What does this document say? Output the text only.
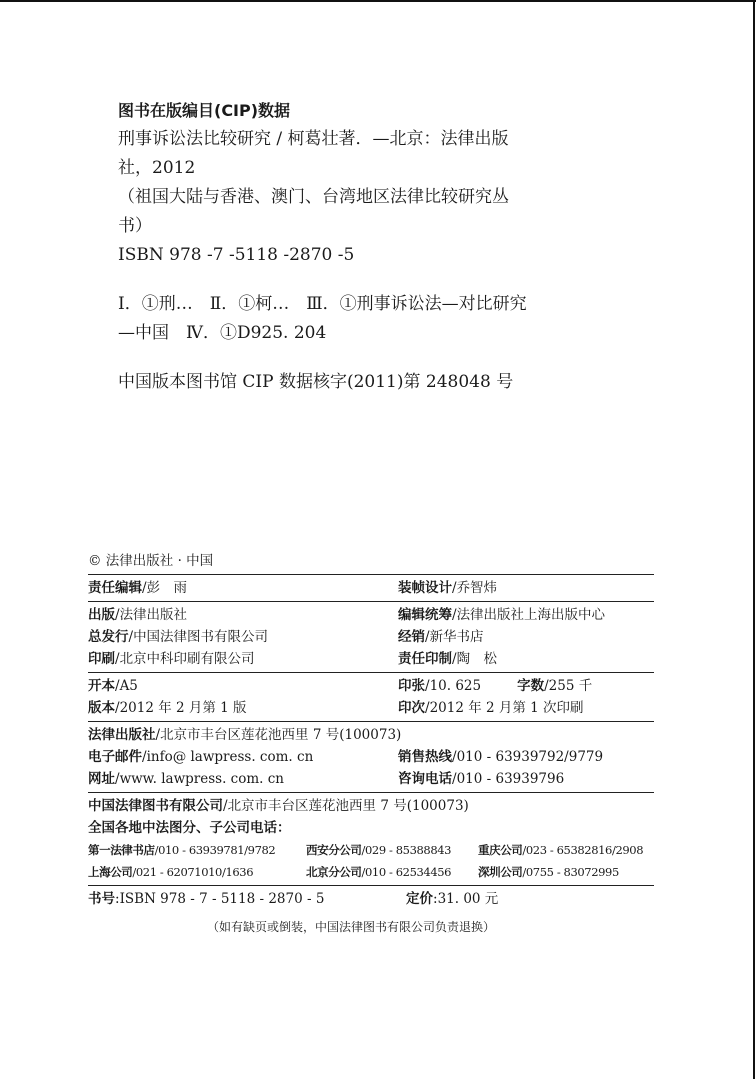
图书在版编目(CIP)数据

刑事诉讼法比较研究 / 柯葛壮著．—北京：法律出版

社，2012

（祖国大陆与香港、澳门、台湾地区法律比较研究丛

书）

ISBN 978 -7 -5118 -2870 -5

Ⅰ．①刑…　Ⅱ．①柯…　Ⅲ．①刑事诉讼法—对比研究

—中国　Ⅳ．①D925. 204

中国版本图书馆 CIP 数据核字(2011)第 248048 号

© 法律出版社 · 中国
责任编辑/彭　雨	装帧设计/乔智炜
出版/法律出版社	编辑统筹/法律出版社上海出版中心
总发行/中国法律图书有限公司	经销/新华书店
印刷/北京中科印刷有限公司	责任印制/陶　松
开本/A5	印张/10. 625	字数/255 千
版本/2012 年 2 月第 1 版	印次/2012 年 2 月第 1 次印刷
法律出版社/北京市丰台区莲花池西里 7 号(100073)
电子邮件/info@ lawpress. com. cn	销售热线/010 - 63939792/9779
网址/www. lawpress. com. cn	咨询电话/010 - 63939796
中国法律图书有限公司/北京市丰台区莲花池西里 7 号(100073)
全国各地中法图分、子公司电话：
第一法律书店/010 - 63939781/9782	西安分公司/029 - 85388843	重庆公司/023 - 65382816/2908
上海公司/021 - 62071010/1636	北京分公司/010 - 62534456	深圳公司/0755 - 83072995
书号:ISBN 978 - 7 - 5118 - 2870 - 5	定价:31. 00 元
（如有缺页或倒装，中国法律图书有限公司负责退换）
